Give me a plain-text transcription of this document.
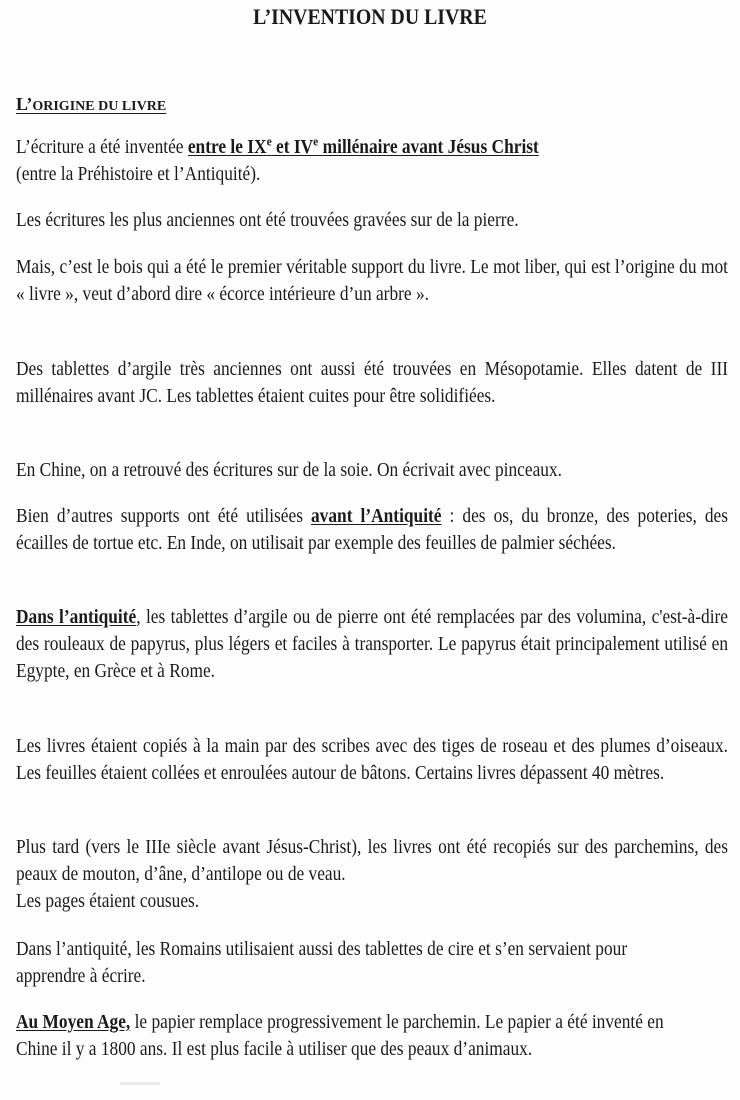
L’INVENTION DU LIVRE
L’ORIGINE DU LIVRE
L’écriture a été inventée entre le IXe et IVe millénaire avant Jésus Christ
(entre la Préhistoire et l’Antiquité).
Les écritures les plus anciennes ont été trouvées gravées sur de la pierre.
Mais, c’est le bois qui a été le premier véritable support du livre. Le mot liber, qui est l’origine du mot « livre », veut d’abord dire « écorce intérieure d’un arbre ».
Des tablettes d’argile très anciennes ont aussi été trouvées en Mésopotamie. Elles datent de III millénaires avant JC. Les tablettes étaient cuites pour être solidifiées.
En Chine, on a retrouvé des écritures sur de la soie. On écrivait avec pinceaux.
Bien d’autres supports ont été utilisées avant l’Antiquité : des os, du bronze, des poteries, des écailles de tortue etc. En Inde, on utilisait par exemple des feuilles de palmier séchées.
Dans l’antiquité, les tablettes d’argile ou de pierre ont été remplacées par des volumina, c'est-à-dire des rouleaux de papyrus, plus légers et faciles à transporter. Le papyrus était principalement utilisé en Egypte, en Grèce et à Rome.
Les livres étaient copiés à la main par des scribes avec des tiges de roseau et des plumes d’oiseaux. Les feuilles étaient collées et enroulées autour de bâtons. Certains livres dépassent 40 mètres.
Plus tard (vers le IIIe siècle avant Jésus-Christ), les livres ont été recopiés sur des parchemins, des peaux de mouton, d’âne, d’antilope ou de veau.
Les pages étaient cousues.
Dans l’antiquité, les Romains utilisaient aussi des tablettes de cire et s’en servaient pour apprendre à écrire.
Au Moyen Age, le papier remplace progressivement le parchemin. Le papier a été inventé en Chine il y a 1800 ans. Il est plus facile à utiliser que des peaux d’animaux.
